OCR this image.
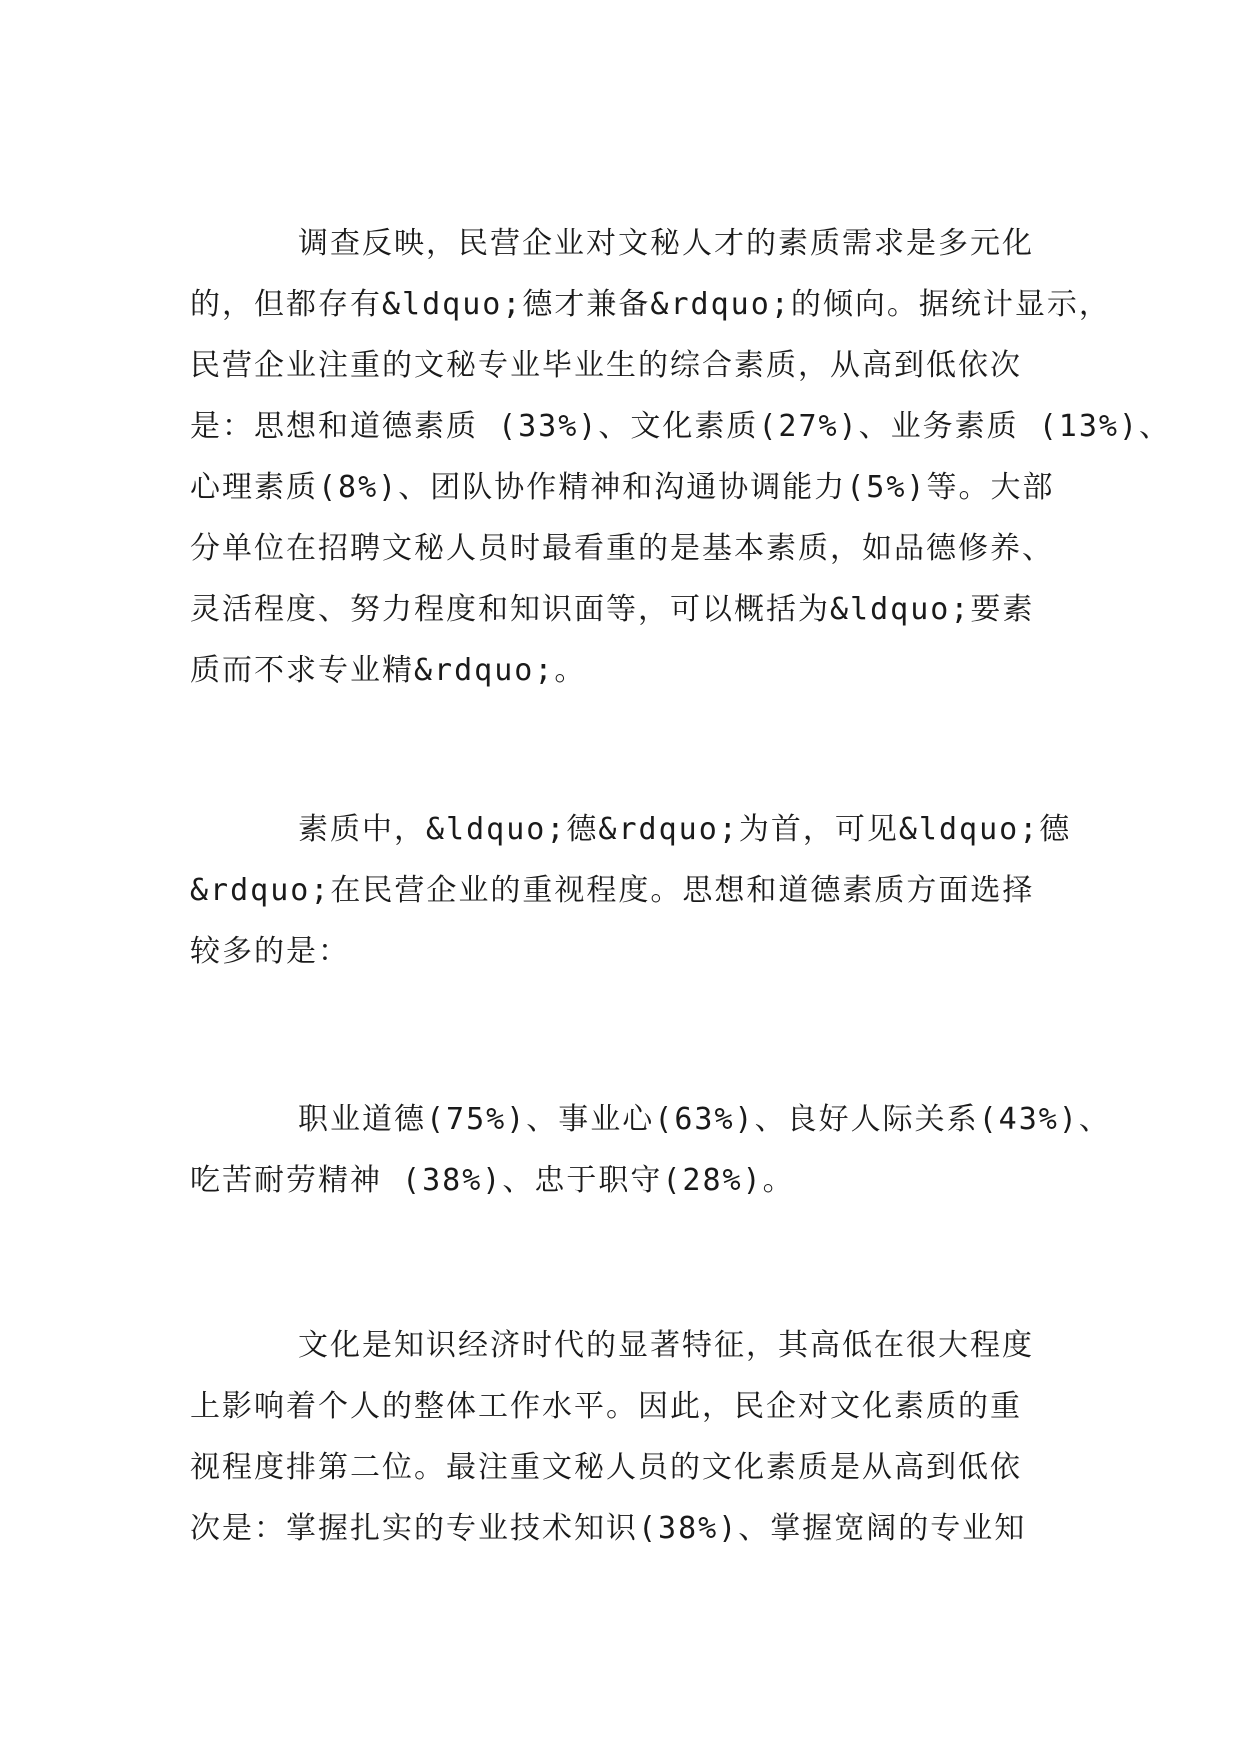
调查反映，民营企业对文秘人才的素质需求是多元化
的，但都存有&ldquo;德才兼备&rdquo;的倾向。据统计显示，
民营企业注重的文秘专业毕业生的综合素质，从高到低依次
是：思想和道德素质 (33%)、文化素质(27%)、业务素质 (13%)、
心理素质(8%)、团队协作精神和沟通协调能力(5%)等。大部
分单位在招聘文秘人员时最看重的是基本素质，如品德修养、
灵活程度、努力程度和知识面等，可以概括为&ldquo;要素
质而不求专业精&rdquo;。
素质中，&ldquo;德&rdquo;为首，可见&ldquo;德
&rdquo;在民营企业的重视程度。思想和道德素质方面选择
较多的是：
职业道德(75%)、事业心(63%)、良好人际关系(43%)、
吃苦耐劳精神 (38%)、忠于职守(28%)。
文化是知识经济时代的显著特征，其高低在很大程度
上影响着个人的整体工作水平。因此，民企对文化素质的重
视程度排第二位。最注重文秘人员的文化素质是从高到低依
次是：掌握扎实的专业技术知识(38%)、掌握宽阔的专业知
